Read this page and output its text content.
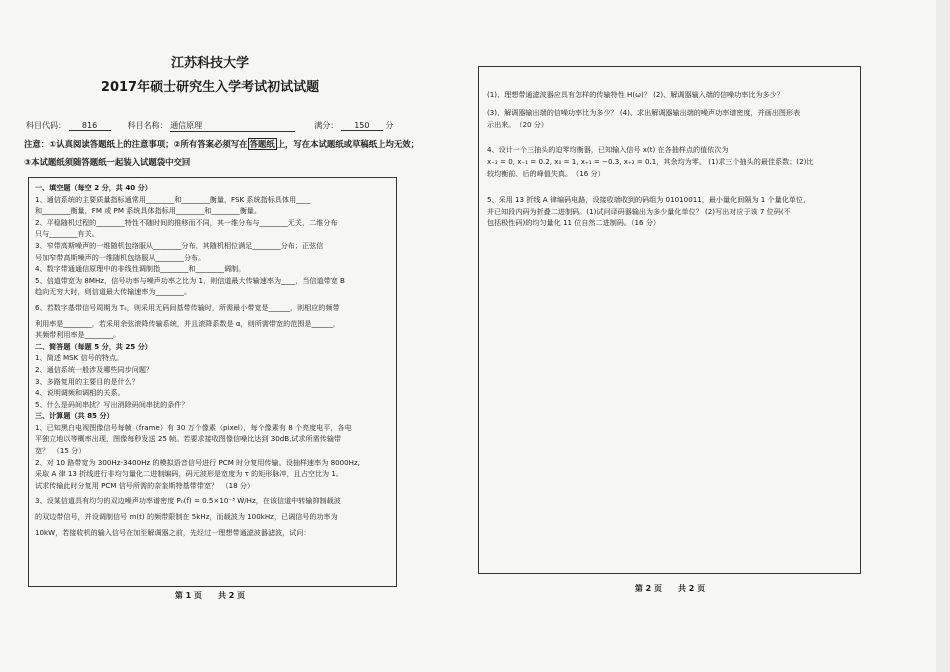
江苏科技大学
2017年硕士研究生入学考试初试试题
科目代码： 816	科目名称： 通信原理	满分： 150 分
注意：①认真阅读答题纸上的注意事项；②所有答案必须写在 答题纸 上，写在本试题纸或草稿纸上均无效；
③本试题纸须随答题纸一起装入试题袋中交回

一、填空题（每空 2 分，共 40 分）

1、通信系统的主要质量指标通常用________和________衡量，FSK 系统指标具体用____

和________衡量，FM 或 PM 系统具体指标用________和________衡量。

2、平稳随机过程的________特性不随时间的推移而不同，其一维分布与________无关，二维分布

只与________有关。

3、窄带高斯噪声的一维随机包络服从________分布，其随机相位满足________分布；正弦信

号加窄带高斯噪声的一维随机包络服从________分布。

4、数字带通通信原理中的非线性调制指________和________调制。

5、信道带宽为 8MHz，信号功率与噪声功率之比为 1，则信道最大传输速率为____，当信道带宽 B

趋向无穷大时，则信道最大传输速率为________。

6、若数字基带信号周期为 Tₛ，则采用无码间基带传输时，所需最小带宽是______，则相应的频带

利用率是________，若采用余弦滚降传输系统，并且滚降系数是 α，则所需带宽的范围是______，

其频带利用率是________。

二、简答题（每题 5 分，共 25 分）

1、简述 MSK 信号的特点。

2、通信系统一般涉及哪些同步问题？

3、多路复用的主要目的是什么？

4、说明调频和调相的关系。

5、什么是码间串扰？写出消除码间串扰的条件？

三、计算题（共 85 分）

1、已知黑白电视图像信号每帧（frame）有 30 万个像素（pixel），每个像素有 8 个亮度电平，各电

平独立地以等概率出现，图像每秒发送 25 帧。若要求接收图像信噪比达到 30dB,试求所需传输带

宽？　（15 分）

2、对 10 路带宽为 300Hz-3400Hz 的模拟语音信号进行 PCM 时分复用传输。设抽样速率为 8000Hz,

采取 A 律 13 折线进行非均匀量化二进制编码，码元波形是宽度为 τ 的矩形脉冲，且占空比为 1。

试求传输此时分复用 PCM 信号所需的奈奎斯特基带带宽？　（18 分）

3、设某信道具有均匀的双边噪声功率谱密度 Pₙ(f) = 0.5×10⁻³ W/Hz，在该信道中转输抑制载波

的双边带信号，并设调制信号 m(t) 的频带限制在 5kHz，而载波为 100kHz，已调信号的功率为

10kW，若接收机的输入信号在加至解调器之前，先经过一理想带通滤波器滤波，试问：

第 1 页　　共 2 页

(1)、理想带通滤波器应具有怎样的传输特性 H(ω)？ (2)、解调器输入端的信噪功率比为多少？

(3)、解调器输出端的信噪功率比为多少？ (4)、求出解调器输出端的噪声功率谱密度，并画出图形表

示出来。　（20 分）

4、设计一个三抽头的迫零均衡器，已知输入信号 x(t) 在各抽样点的值依次为

x₋₂ = 0, x₋₁ = 0.2, x₀ = 1, x₊₁ = −0.3, x₊₂ = 0.1，其余均为零。 (1)求三个抽头的最佳系数；(2)比

较均衡前、后的峰值失真。　（16 分）

5、采用 13 折线 A 律编码电路，设接收端收到的码组为 01010011，最小量化间隔为 1 个量化单位，

并已知段内码为折叠二进制码。(1)试问译码器输出为多少量化单位？ (2)写出对应于该 7 位码(不

包括极性码)的均匀量化 11 位自然二进制码。（16 分）

第 2 页　　共 2 页
